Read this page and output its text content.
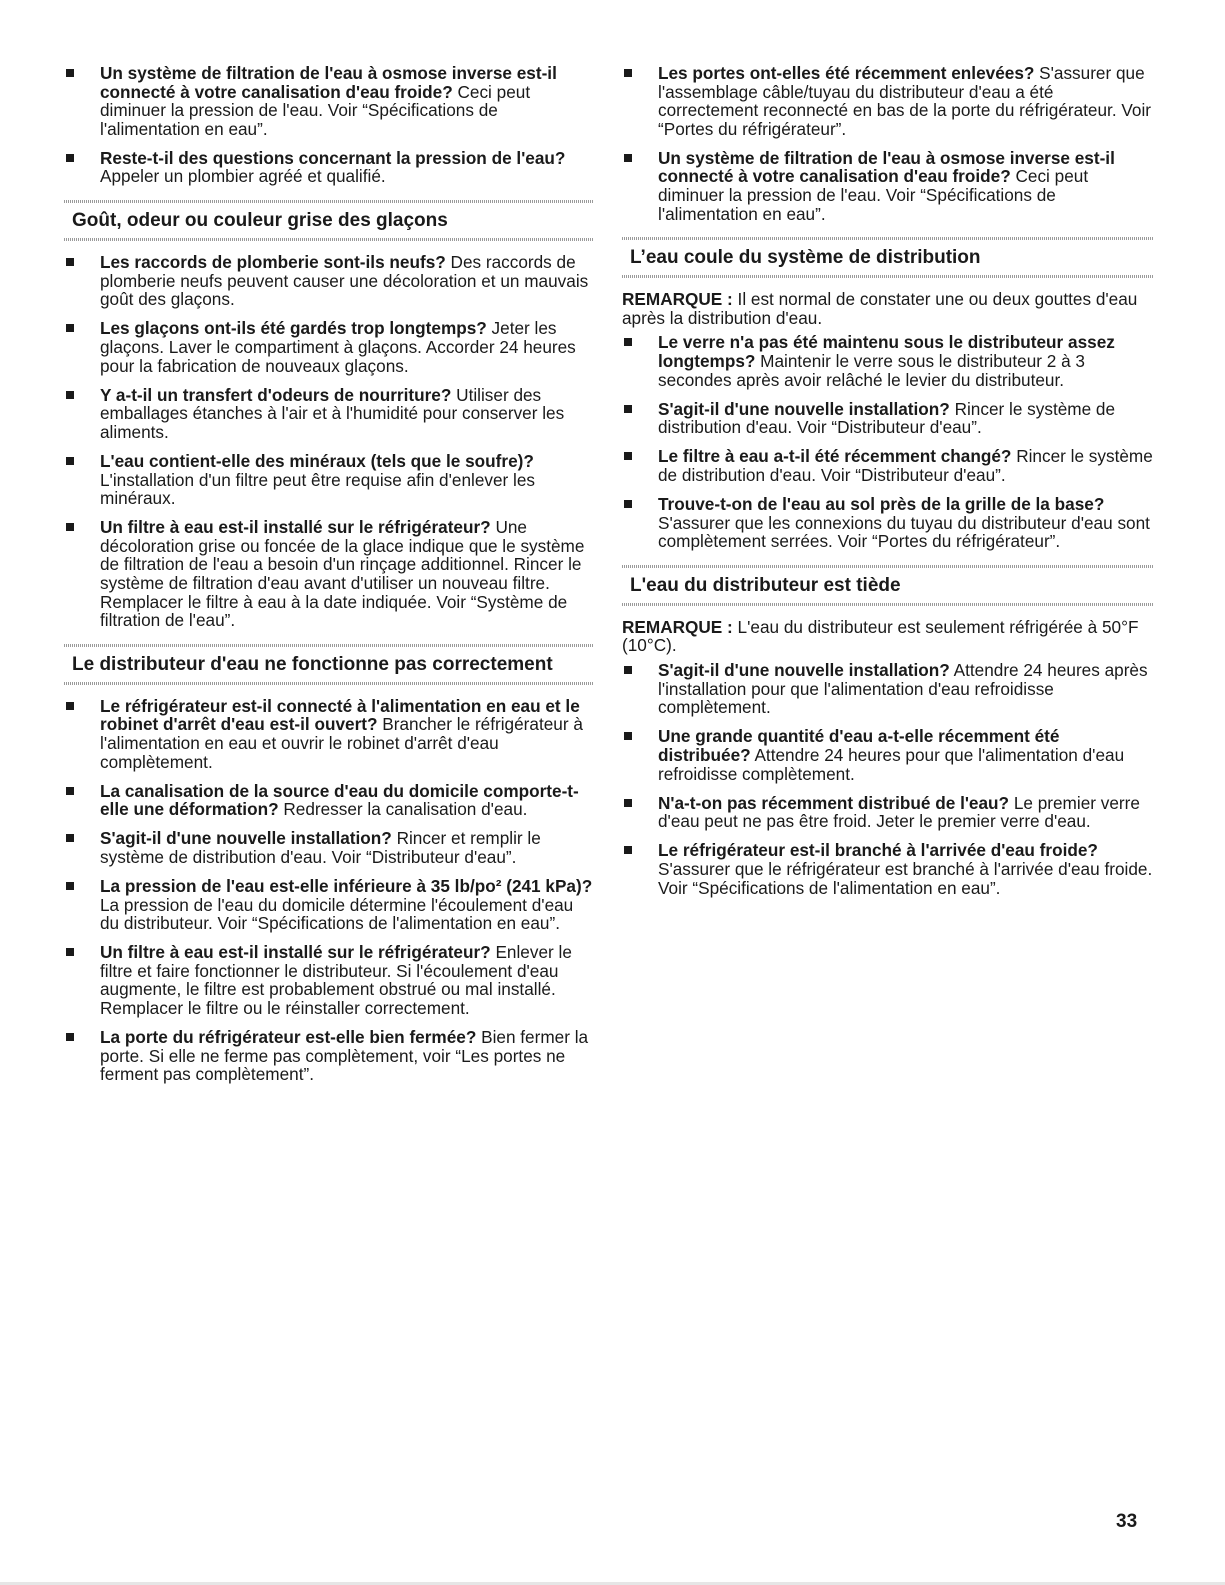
Un système de filtration de l'eau à osmose inverse est-il connecté à votre canalisation d'eau froide? Ceci peut diminuer la pression de l'eau. Voir “Spécifications de l'alimentation en eau”.
Reste-t-il des questions concernant la pression de l'eau? Appeler un plombier agréé et qualifié.
Goût, odeur ou couleur grise des glaçons
Les raccords de plomberie sont-ils neufs? Des raccords de plomberie neufs peuvent causer une décoloration et un mauvais goût des glaçons.
Les glaçons ont-ils été gardés trop longtemps? Jeter les glaçons. Laver le compartiment à glaçons. Accorder 24 heures pour la fabrication de nouveaux glaçons.
Y a-t-il un transfert d'odeurs de nourriture? Utiliser des emballages étanches à l'air et à l'humidité pour conserver les aliments.
L'eau contient-elle des minéraux (tels que le soufre)? L'installation d'un filtre peut être requise afin d'enlever les minéraux.
Un filtre à eau est-il installé sur le réfrigérateur? Une décoloration grise ou foncée de la glace indique que le système de filtration de l'eau a besoin d'un rinçage additionnel. Rincer le système de filtration d'eau avant d'utiliser un nouveau filtre. Remplacer le filtre à eau à la date indiquée. Voir “Système de filtration de l'eau”.
Le distributeur d'eau ne fonctionne pas correctement
Le réfrigérateur est-il connecté à l'alimentation en eau et le robinet d'arrêt d'eau est-il ouvert? Brancher le réfrigérateur à l'alimentation en eau et ouvrir le robinet d'arrêt d'eau complètement.
La canalisation de la source d'eau du domicile comporte-t-elle une déformation? Redresser la canalisation d'eau.
S'agit-il d'une nouvelle installation? Rincer et remplir le système de distribution d'eau. Voir “Distributeur d'eau”.
La pression de l'eau est-elle inférieure à 35 lb/po² (241 kPa)? La pression de l'eau du domicile détermine l'écoulement d'eau du distributeur. Voir “Spécifications de l'alimentation en eau”.
Un filtre à eau est-il installé sur le réfrigérateur? Enlever le filtre et faire fonctionner le distributeur. Si l'écoulement d'eau augmente, le filtre est probablement obstrué ou mal installé. Remplacer le filtre ou le réinstaller correctement.
La porte du réfrigérateur est-elle bien fermée? Bien fermer la porte. Si elle ne ferme pas complètement, voir “Les portes ne ferment pas complètement”.
Les portes ont-elles été récemment enlevées? S'assurer que l'assemblage câble/tuyau du distributeur d'eau a été correctement reconnecté en bas de la porte du réfrigérateur. Voir “Portes du réfrigérateur”.
Un système de filtration de l'eau à osmose inverse est-il connecté à votre canalisation d'eau froide? Ceci peut diminuer la pression de l'eau. Voir “Spécifications de l'alimentation en eau”.
L’eau coule du système de distribution

REMARQUE : Il est normal de constater une ou deux gouttes d'eau après la distribution d'eau.

Le verre n'a pas été maintenu sous le distributeur assez longtemps? Maintenir le verre sous le distributeur 2 à 3 secondes après avoir relâché le levier du distributeur.
S'agit-il d'une nouvelle installation? Rincer le système de distribution d'eau. Voir “Distributeur d'eau”.
Le filtre à eau a-t-il été récemment changé? Rincer le système de distribution d'eau. Voir “Distributeur d'eau”.
Trouve-t-on de l'eau au sol près de la grille de la base? S'assurer que les connexions du tuyau du distributeur d'eau sont complètement serrées. Voir “Portes du réfrigérateur”.
L'eau du distributeur est tiède

REMARQUE : L'eau du distributeur est seulement réfrigérée à 50°F (10°C).

S'agit-il d'une nouvelle installation? Attendre 24 heures après l'installation pour que l'alimentation d'eau refroidisse complètement.
Une grande quantité d'eau a-t-elle récemment été distribuée? Attendre 24 heures pour que l'alimentation d'eau refroidisse complètement.
N'a-t-on pas récemment distribué de l'eau? Le premier verre d'eau peut ne pas être froid. Jeter le premier verre d'eau.
Le réfrigérateur est-il branché à l'arrivée d'eau froide? S'assurer que le réfrigérateur est branché à l'arrivée d'eau froide. Voir “Spécifications de l'alimentation en eau”.
33
